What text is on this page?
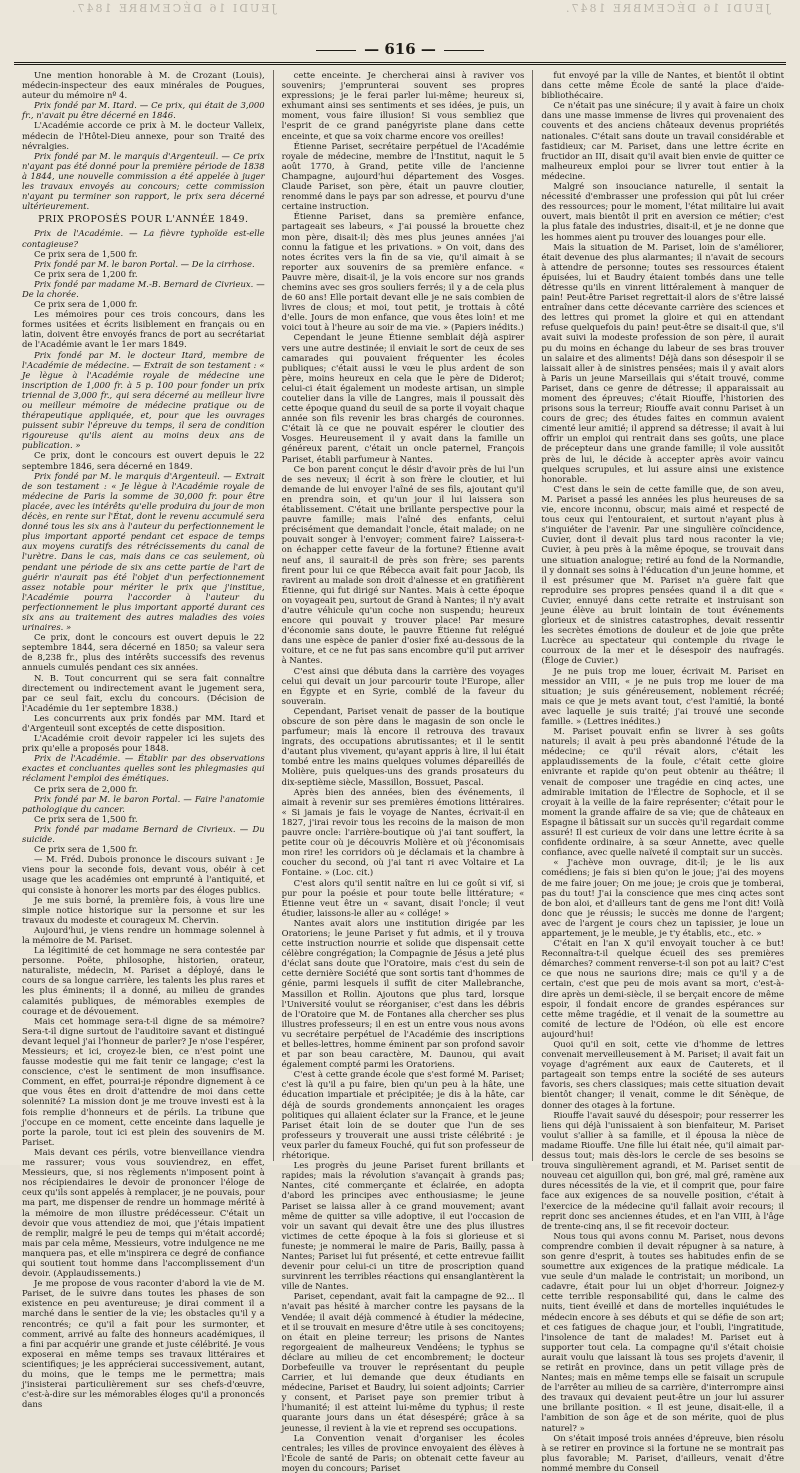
JEUDI 16 DÉCEMBRE 1847.	JEUDI 16 DÉCEMBRE 1847.
— 616 —

Une mention honorable à M. de Crozant (Louis), médecin-inspecteur des eaux minérales de Pougues, auteur du mémoire nº 4.

Prix fondé par M. Itard. — Ce prix, qui était de 3,000 fr., n'avait pu être décerné en 1846.

L'Académie accorde ce prix à M. le docteur Valleix, médecin de l'Hôtel-Dieu annexe, pour son Traité des névralgies.

Prix fondé par M. le marquis d'Argenteuil. — Ce prix n'ayant pas été donné pour la première période de 1838 à 1844, une nouvelle commission a été appelée à juger les travaux envoyés au concours; cette commission n'ayant pu terminer son rapport, le prix sera décerné ultérieurement.

PRIX PROPOSÉS POUR L'ANNÉE 1849.

Prix de l'Académie. — La fièvre typhoïde est-elle contagieuse?

Ce prix sera de 1,500 fr.

Prix fondé par M. le baron Portal. — De la cirrhose.

Ce prix sera de 1,200 fr.

Prix fondé par madame M.-B. Bernard de Civrieux. — De la chorée.

Ce prix sera de 1,000 fr.

Les mémoires pour ces trois concours, dans les formes usitées et écrits lisiblement en français ou en latin, doivent être envoyés francs de port au secrétariat de l'Académie avant le 1er mars 1849.

Prix fondé par M. le docteur Itard, membre de l'Académie de médecine. — Extrait de son testament : « Je lègue à l'Académie royale de médecine une inscription de 1,000 fr. à 5 p. 100 pour fonder un prix triennal de 3,000 fr., qui sera décerné au meilleur livre ou meilleur mémoire de médecine pratique ou de thérapeutique appliquée, et, pour que les ouvrages puissent subir l'épreuve du temps, il sera de condition rigoureuse qu'ils aient au moins deux ans de publication. »

Ce prix, dont le concours est ouvert depuis le 22 septembre 1846, sera décerné en 1849.

Prix fondé par M. le marquis d'Argenteuil. — Extrait de son testament : « Je lègue à l'Académie royale de médecine de Paris la somme de 30,000 fr. pour être placée, avec les intérêts qu'elle produira du jour de mon décès, en rente sur l'État, dont le revenu accumulé sera donné tous les six ans à l'auteur du perfectionnement le plus important apporté pendant cet espace de temps aux moyens curatifs des rétrécissements du canal de l'urètre. Dans le cas, mais dans ce cas seulement, où pendant une période de six ans cette partie de l'art de guérir n'aurait pas été l'objet d'un perfectionnement assez notable pour mériter le prix que j'institue, l'Académie pourra l'accorder à l'auteur du perfectionnement le plus important apporté durant ces six ans au traitement des autres maladies des voies urinaires. »

Ce prix, dont le concours est ouvert depuis le 22 septembre 1844, sera décerné en 1850; sa valeur sera de 8,238 fr., plus des intérêts successifs des revenus annuels cumulés pendant ces six années.

N. B. Tout concurrent qui se sera fait connaître directement ou indirectement avant le jugement sera, par ce seul fait, exclu du concours. (Décision de l'Académie du 1er septembre 1838.)

Les concurrents aux prix fondés par MM. Itard et d'Argenteuil sont exceptés de cette disposition.

L'Académie croit devoir rappeler ici les sujets des prix qu'elle a proposés pour 1848.

Prix de l'Académie. — Établir par des observations exactes et concluantes quelles sont les phlegmasies qui réclament l'emploi des émétiques.

Ce prix sera de 2,000 fr.

Prix fondé par M. le baron Portal. — Faire l'anatomie pathologique du cancer.

Ce prix sera de 1,500 fr.

Prix fondé par madame Bernard de Civrieux. — Du suicide.

Ce prix sera de 1,500 fr.

— M. Fréd. Dubois prononce le discours suivant : Je viens pour la seconde fois, devant vous, obéir à cet usage que les académies ont emprunté à l'antiquité, et qui consiste à honorer les morts par des éloges publics.

Je me suis borné, la première fois, à vous lire une simple notice historique sur la personne et sur les travaux du modeste et courageux M. Chervin.

Aujourd'hui, je viens rendre un hommage solennel à la mémoire de M. Pariset.

La légitimité de cet hommage ne sera contestée par personne. Poëte, philosophe, historien, orateur, naturaliste, médecin, M. Pariset a déployé, dans le cours de sa longue carrière, les talents les plus rares et les plus éminents; il a donné, au milieu de grandes calamités publiques, de mémorables exemples de courage et de dévouement.

Mais cet hommage sera-t-il digne de sa mémoire? Sera-t-il digne surtout de l'auditoire savant et distingué devant lequel j'ai l'honneur de parler? Je n'ose l'espérer, Messieurs; et ici, croyez-le bien, ce n'est point une fausse modestie qui me fait tenir ce langage; c'est la conscience, c'est le sentiment de mon insuffisance. Comment, en effet, pourrai-je répondre dignement à ce que vous êtes en droit d'attendre de moi dans cette solennité? La mission dont je me trouve investi est à la fois remplie d'honneurs et de périls. La tribune que j'occupe en ce moment, cette enceinte dans laquelle je porte la parole, tout ici est plein des souvenirs de M. Pariset.

Mais devant ces périls, votre bienveillance viendra me rassurer; vous vous souviendrez, en effet, Messieurs, que, si nos règlements n'imposent point à nos récipiendaires le devoir de prononcer l'éloge de ceux qu'ils sont appelés à remplacer, je ne pouvais, pour ma part, me dispenser de rendre un hommage mérité à la mémoire de mon illustre prédécesseur. C'était un devoir que vous attendiez de moi, que j'étais impatient de remplir, malgré le peu de temps qui m'était accordé; mais par cela même, Messieurs, votre indulgence ne me manquera pas, et elle m'inspirera ce degré de confiance qui soutient tout homme dans l'accomplissement d'un devoir. (Applaudissements.)

Je me propose de vous raconter d'abord la vie de M. Pariset, de le suivre dans toutes les phases de son existence en peu aventureuse; je dirai comment il a marché dans le sentier de la vie; les obstacles qu'il y a rencontrés; ce qu'il a fait pour les surmonter, et comment, arrivé au faîte des honneurs académiques, il a fini par acquérir une grande et juste célébrité. Je vous exposerai en même temps ses travaux littéraires et scientifiques; je les apprécierai successivement, autant, du moins, que le temps me le permettra; mais j'insisterai particulièrement sur ses chefs-d'œuvre, c'est-à-dire sur les mémorables éloges qu'il a prononcés dans

cette enceinte. Je chercherai ainsi à raviver vos souvenirs; j'emprunterai souvent ses propres expressions; je le ferai parler lui-même; heureux si, exhumant ainsi ses sentiments et ses idées, je puis, un moment, vous faire illusion! Si vous sembliez que l'esprit de ce grand panégyriste plane dans cette enceinte, et que sa voix charme encore vos oreilles!

Étienne Pariset, secrétaire perpétuel de l'Académie royale de médecine, membre de l'Institut, naquit le 5 août 1770, à Grand, petite ville de l'ancienne Champagne, aujourd'hui département des Vosges. Claude Pariset, son père, était un pauvre cloutier, renommé dans le pays par son adresse, et pourvu d'une certaine instruction.

Étienne Pariset, dans sa première enfance, partageait ses labeurs, « J'ai poussé la brouette chez mon père, disait-il; dès mes plus jeunes années j'ai connu la fatigue et les privations. » On voit, dans des notes écrites vers la fin de sa vie, qu'il aimait à se reporter aux souvenirs de sa première enfance. « Pauvre mère, disait-il, je la vois encore sur nos grands chemins avec ses gros souliers ferrés; il y a de cela plus de 60 ans! Elle portait devant elle je ne sais combien de livres de clous; et moi, tout petit, je trottais à côté d'elle. Jours de mon enfance, que vous êtes loin! et me voici tout à l'heure au soir de ma vie. » (Papiers inédits.)

Cependant le jeune Étienne semblait déjà aspirer vers une autre destinée; il enviait le sort de ceux de ses camarades qui pouvaient fréquenter les écoles publiques; c'était aussi le vœu le plus ardent de son père, moins heureux en cela que le père de Diderot; celui-ci était également un modeste artisan, un simple coutelier dans la ville de Langres, mais il poussait dès cette époque quand du seuil de sa porte il voyait chaque année son fils revenir les bras chargés de couronnes. C'était là ce que ne pouvait espérer le cloutier des Vosges. Heureusement il y avait dans la famille un généreux parent, c'était un oncle paternel, François Pariset, établi parfumeur à Nantes.

Ce bon parent conçut le désir d'avoir près de lui l'un de ses neveux; il écrit à son frère le cloutier, et lui demande de lui envoyer l'aîné de ses fils, ajoutant qu'il en prendra soin, et qu'un jour il lui laissera son établissement. C'était une brillante perspective pour la pauvre famille; mais l'aîné des enfants, celui précisément que demandait l'oncle, était malade; on ne pouvait songer à l'envoyer; comment faire? Laissera-t-on échapper cette faveur de la fortune? Étienne avait neuf ans, il saurait-il de près son frère; ses parents firent pour lui ce que Rébecca avait fait pour Jacob, ils ravirent au malade son droit d'aînesse et en gratifièrent Étienne, qui fut dirigé sur Nantes. Mais à cette époque on voyageait peu, surtout de Grand à Nantes; il n'y avait d'autre véhicule qu'un coche non suspendu; heureux encore qui pouvait y trouver place! Par mesure d'économie sans doute, le pauvre Étienne fut relégué dans une espèce de panier d'osier fixé au-dessous de la voiture, et ce ne fut pas sans encombre qu'il put arriver à Nantes.

C'est ainsi que débuta dans la carrière des voyages celui qui devait un jour parcourir toute l'Europe, aller en Égypte et en Syrie, comblé de la faveur du souverain.

Cependant, Pariset venait de passer de la boutique obscure de son père dans le magasin de son oncle le parfumeur; mais là encore il retrouva des travaux ingrats, des occupations abrutissantes; et il le sentit d'autant plus vivement, qu'ayant appris à lire, il lui était tombé entre les mains quelques volumes dépareillés de Molière, puis quelques-uns des grands prosateurs du dix-septième siècle, Massillon, Bossuet, Pascal.

Après bien des années, bien des événements, il aimait à revenir sur ses premières émotions littéraires. « Si jamais je fais le voyage de Nantes, écrivait-il en 1827, j'irai revoir tous les recoins de la maison de mon pauvre oncle: l'arrière-boutique où j'ai tant souffert, la petite cour où je découvris Molière et où j'économisais mon rire! les corridors où je déclamais et la chambre à coucher du second, où j'ai tant ri avec Voltaire et La Fontaine. » (Loc. cit.)

C'est alors qu'il sentit naître en lui ce goût si vif, si pur pour la poésie et pour toute belle littérature; « Étienne veut être un « savant, disait l'oncle; il veut étudier, laissons-le aller au « collége! »

Nantes avait alors une institution dirigée par les Oratoriens; le jeune Pariset y fut admis, et il y trouva cette instruction nourrie et solide que dispensait cette célèbre congrégation; la Compagnie de Jésus a jeté plus d'éclat sans doute que l'Oratoire, mais c'est du sein de cette dernière Société que sont sortis tant d'hommes de génie, parmi lesquels il suffit de citer Mallebranche, Massillon et Rollin. Ajoutons que plus tard, lorsque l'Université voulut se réorganiser, c'est dans les débris de l'Oratoire que M. de Fontanes alla chercher ses plus illustres professeurs; il en est un entre vous nous avons vu secrétaire perpétuel de l'Académie des inscriptions et belles-lettres, homme éminent par son profond savoir et par son beau caractère, M. Daunou, qui avait également compté parmi les Oratoriens.

C'est à cette grande école que s'est formé M. Pariset; c'est là qu'il a pu faire, bien qu'un peu à la hâte, une éducation impartiale et précipitée; je dis à la hâte, car déjà de sourds grondements annonçaient les orages politiques qui allaient éclater sur la France, et le jeune Pariset était loin de se douter que l'un de ses professeurs y trouverait une aussi triste célébrité : je veux parler du fameux Fouché, qui fut son professeur de rhétorique.

Les progrès du jeune Pariset furent brillants et rapides; mais la révolution s'avançait à grands pas; Nantes, cité commerçante et éclairée, en adopta d'abord les principes avec enthousiasme; le jeune Pariset se laissa aller à ce grand mouvement; avant même de quitter sa ville adoptive, il eut l'occasion de voir un savant qui devait être une des plus illustres victimes de cette époque à la fois si glorieuse et si funeste; je nommerai le maire de Paris, Bailly, passa à Nantes; Pariset lui fut présenté, et cette entrevue faillit devenir pour celui-ci un titre de proscription quand survinrent les terribles réactions qui ensanglantèrent la ville de Nantes.

Pariset, cependant, avait fait la campagne de 92... Il n'avait pas hésité à marcher contre les paysans de la Vendée; il avait déjà commencé à étudier la médecine, et il se trouvait en mesure d'être utile à ses concitoyens; on était en pleine terreur; les prisons de Nantes regorgeaient de malheureux Vendéens; le typhus se déclare au milieu de cet encombrement; le docteur Dorbefeuille va trouver le représentant du peuple Carrier, et lui demande que deux étudiants en médecine, Pariset et Baudry, lui soient adjoints; Carrier y consent, et Pariset paye son premier tribut à l'humanité; il est atteint lui-même du typhus; il reste quarante jours dans un état désespéré; grâce à sa jeunesse, il revient à la vie et reprend ses occupations.

La Convention venait d'organiser les écoles centrales; les villes de province envoyaient des élèves à l'École de santé de Paris; on obtenait cette faveur au moyen du concours; Pariset

fut envoyé par la ville de Nantes, et bientôt il obtint dans cette même École de santé la place d'aide-bibliothécaire.

Ce n'était pas une sinécure; il y avait à faire un choix dans une masse immense de livres qui provenaient des couvents et des anciens châteaux devenus propriétés nationales. C'était sans doute un travail considérable et fastidieux; car M. Pariset, dans une lettre écrite en fructidor an III, disait qu'il avait bien envie de quitter ce malheureux emploi pour se livrer tout entier à la médecine.

Malgré son insouciance naturelle, il sentait la nécessité d'embrasser une profession qui pût lui créer des ressources; pour le moment, l'état militaire lui avait ouvert, mais bientôt il prit en aversion ce métier; c'est la plus fatale des industries, disait-il, et je ne donne que les hommes aient pu trouver des louanges pour elle.

Mais la situation de M. Pariset, loin de s'améliorer, était devenue des plus alarmantes; il n'avait de secours à attendre de personne; toutes ses ressources étaient épuisées, lui et Baudry étaient tombés dans une telle détresse qu'ils en vinrent littéralement à manquer de pain! Peut-être Pariset regrettait-il alors de s'être laissé entraîner dans cette décevante carrière des sciences et des lettres qui promet la gloire et qui en attendant refuse quelquefois du pain! peut-être se disait-il que, s'il avait suivi la modeste profession de son père, il aurait pu du moins en échange du labeur de ses bras trouver un salaire et des aliments! Déjà dans son désespoir il se laissait aller à de sinistres pensées; mais il y avait alors à Paris un jeune Marseillais qui s'était trouvé, comme Pariset, dans ce genre de détresse; il apparaissait au moment des épreuves; c'était Riouffe, l'historien des prisons sous la terreur; Riouffe avait connu Pariset à un cours de grec; des études faites en commun avaient cimenté leur amitié; il apprend sa détresse; il avait à lui offrir un emploi qui rentrait dans ses goûts, une place de précepteur dans une grande famille; il vole aussitôt près de lui, le décide à accepter après avoir vaincu quelques scrupules, et lui assure ainsi une existence honorable.

C'est dans le sein de cette famille que, de son aveu, M. Pariset a passé les années les plus heureuses de sa vie, encore inconnu, obscur, mais aimé et respecté de tous ceux qui l'entouraient, et surtout n'ayant plus à s'inquiéter de l'avenir. Par une singulière coïncidence, Cuvier, dont il devait plus tard nous raconter la vie; Cuvier, à peu près à la même époque, se trouvait dans une situation analogue; retiré au fond de la Normandie, il y donnait ses soins à l'éducation d'un jeune homme, et il est présumer que M. Pariset n'a guère fait que reproduire ses propres pensées quand il a dit que « Cuvier, ennuyé dans cette retraite et instruisant son jeune élève au bruit lointain de tout événements glorieux et de sinistres catastrophes, devait ressentir les secrètes émotions de douleur et de joie que prête Lucrèce au spectateur qui contemple du rivage le courroux de la mer et le désespoir des naufragés. (Éloge de Cuvier.)

Je ne puis trop me louer, écrivait M. Pariset en messidor an VIII, « je ne puis trop me louer de ma situation; je suis généreusement, noblement récréé; mais ce que je mets avant tout, c'est l'amitié, la bonté avec laquelle je suis traité; j'ai trouvé une seconde famille. » (Lettres inédites.)

M. Pariset pouvait enfin se livrer à ses goûts naturels; il avait à peu près abandonné l'étude de la médecine; ce qu'il révait alors, c'était les applaudissements de la foule, c'était cette gloire enivrante et rapide qu'on peut obtenir au théâtre; il venait de composer une tragédie en cinq actes, une admirable imitation de l'Électre de Sophocle, et il se croyait à la veille de la faire représenter; c'était pour le moment la grande affaire de sa vie; que de châteaux en Espagne il bâtissait sur un succès qu'il regardait comme assuré! Il est curieux de voir dans une lettre écrite à sa confidente ordinaire, à sa sœur Annette, avec quelle confiance, avec quelle naïveté il comptait sur un succès.

« J'achève mon ouvrage, dit-il; je le lis aux comédiens; je fais si bien qu'on le joue; j'ai des moyens de me faire jouer; On me joue; je crois que je tomberai, pas du tout! J'ai la conscience que mes cinq actes sont de bon aloi, et d'ailleurs tant de gens me l'ont dit! Voilà donc que je réussis; le succès me donne de l'argent; avec de l'argent je cours chez un tapissier, je loue un appartement, je le meuble, je t'y établis, etc., etc. »

C'était en l'an X qu'il envoyait toucher à ce but! Reconnaîtra-t-il quelque écueil des ses premières démarches? comment renverse-t-il son pot au lait? C'est ce que nous ne saurions dire; mais ce qu'il y a de certain, c'est que peu de mois avant sa mort, c'est-à-dire après un demi-siècle, il se berçait encore de même espoir, il fondait encore de grandes espérances sur cette même tragédie, et il venait de la soumettre au comité de lecture de l'Odéon, où elle est encore aujourd'hui!

Quoi qu'il en soit, cette vie d'homme de lettres convenait merveilleusement à M. Pariset; il avait fait un voyage d'agrément aux eaux de Cauterets, et il partageait son temps entre la société de ses auteurs favoris, ses chers classiques; mais cette situation devait bientôt changer; il venait, comme le dit Sénèque, de donner des otages à la fortune.

Riouffe l'avait sauvé du désespoir; pour resserrer les liens qui déjà l'unissaient à son bienfaiteur, M. Pariset voulut s'allier à sa famille, et il épousa la nièce de madame Riouffe. Une fille lui était née, qu'il aimait par-dessus tout; mais dès-lors le cercle de ses besoins se trouva singulièrement agrandi, et M. Pariset sentit de nouveau cet aiguillon qui, bon gré, mal gré, ramène aux dures nécessités de la vie, et il comprit que, pour faire face aux exigences de sa nouvelle position, c'était à l'exercice de la médecine qu'il fallait avoir recours; il reprit donc ses anciennes études, et en l'an VIII, à l'âge de trente-cinq ans, il se fit recevoir docteur.

Nous tous qui avons connu M. Pariset, nous devons comprendre combien il devait répugner à sa nature, à son genre d'esprit, à toutes ses habitudes enfin de se soumettre aux exigences de la pratique médicale. La vue seule d'un malade le contristait; un moribond, un cadavre, était pour lui un objet d'horreur. Joignez-y cette terrible responsabilité qui, dans le calme des nuits, tient éveillé et dans de mortelles inquiétudes le médecin encore à ses débuts et qui se défie de son art; et ces fatigues de chaque jour, et l'oubli, l'ingratitude, l'insolence de tant de malades! M. Pariset eut à supporter tout cela. La compagne qu'il s'était choisie aurait voulu que laissant là tous ses projets d'avenir, il se retirât en province, dans un petit village près de Nantes; mais en même temps elle se faisait un scrupule de l'arrêter au milieu de sa carrière, d'interrompre ainsi des travaux qui devaient peut-être un jour lui assurer une brillante position. « Il est jeune, disait-elle, il a l'ambition de son âge et de son mérite, quoi de plus naturel? »

On s'était imposé trois années d'épreuve, bien résolu à se retirer en province si la fortune ne se montrait pas plus favorable; M. Pariset, d'ailleurs, venait d'être nommé membre du Conseil
